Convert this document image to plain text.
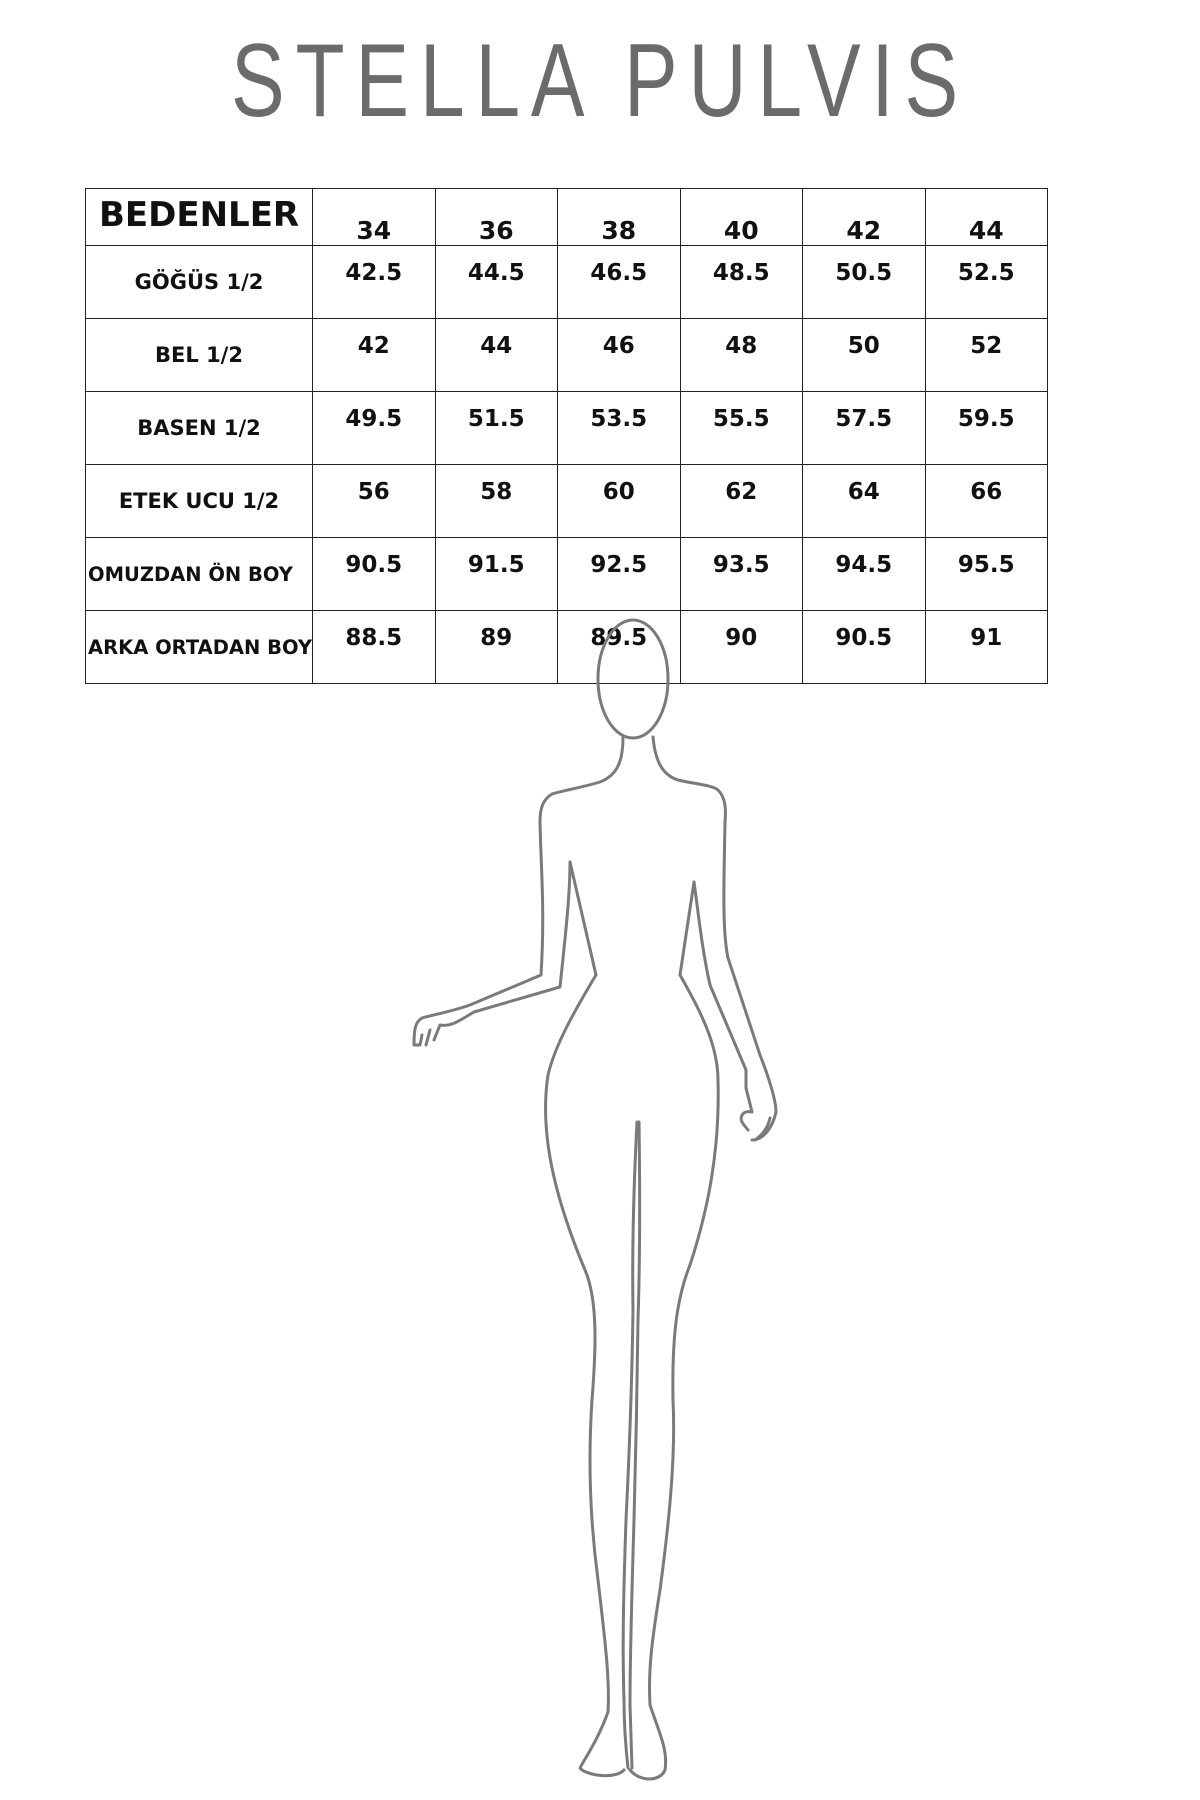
STELLA PULVIS
BEDENLER	34	36	38	40	42	44
GÖĞÜS 1/2	42.5	44.5	46.5	48.5	50.5	52.5
BEL 1/2	42	44	46	48	50	52
BASEN 1/2	49.5	51.5	53.5	55.5	57.5	59.5
ETEK UCU 1/2	56	58	60	62	64	66
OMUZDAN ÖN BOY	90.5	91.5	92.5	93.5	94.5	95.5
ARKA ORTADAN BOY	88.5	89	89.5	90	90.5	91
